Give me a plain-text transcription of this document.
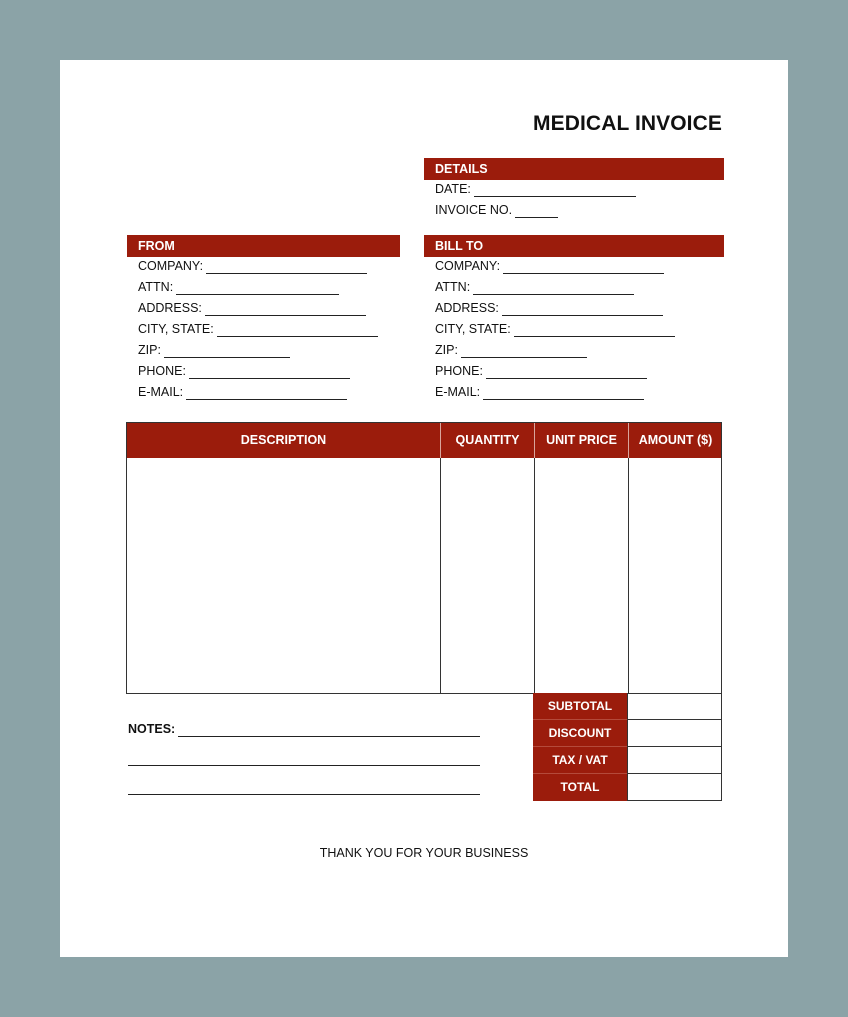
MEDICAL INVOICE
DETAILS
DATE:
INVOICE NO.
FROM
COMPANY:
ATTN:
ADDRESS:
CITY, STATE:
ZIP:
PHONE:
E-MAIL:
BILL TO
COMPANY:
ATTN:
ADDRESS:
CITY, STATE:
ZIP:
PHONE:
E-MAIL:
DESCRIPTION	QUANTITY	UNIT PRICE	AMOUNT ($)
SUBTOTAL
DISCOUNT
TAX / VAT
TOTAL
NOTES:
THANK YOU FOR YOUR BUSINESS
